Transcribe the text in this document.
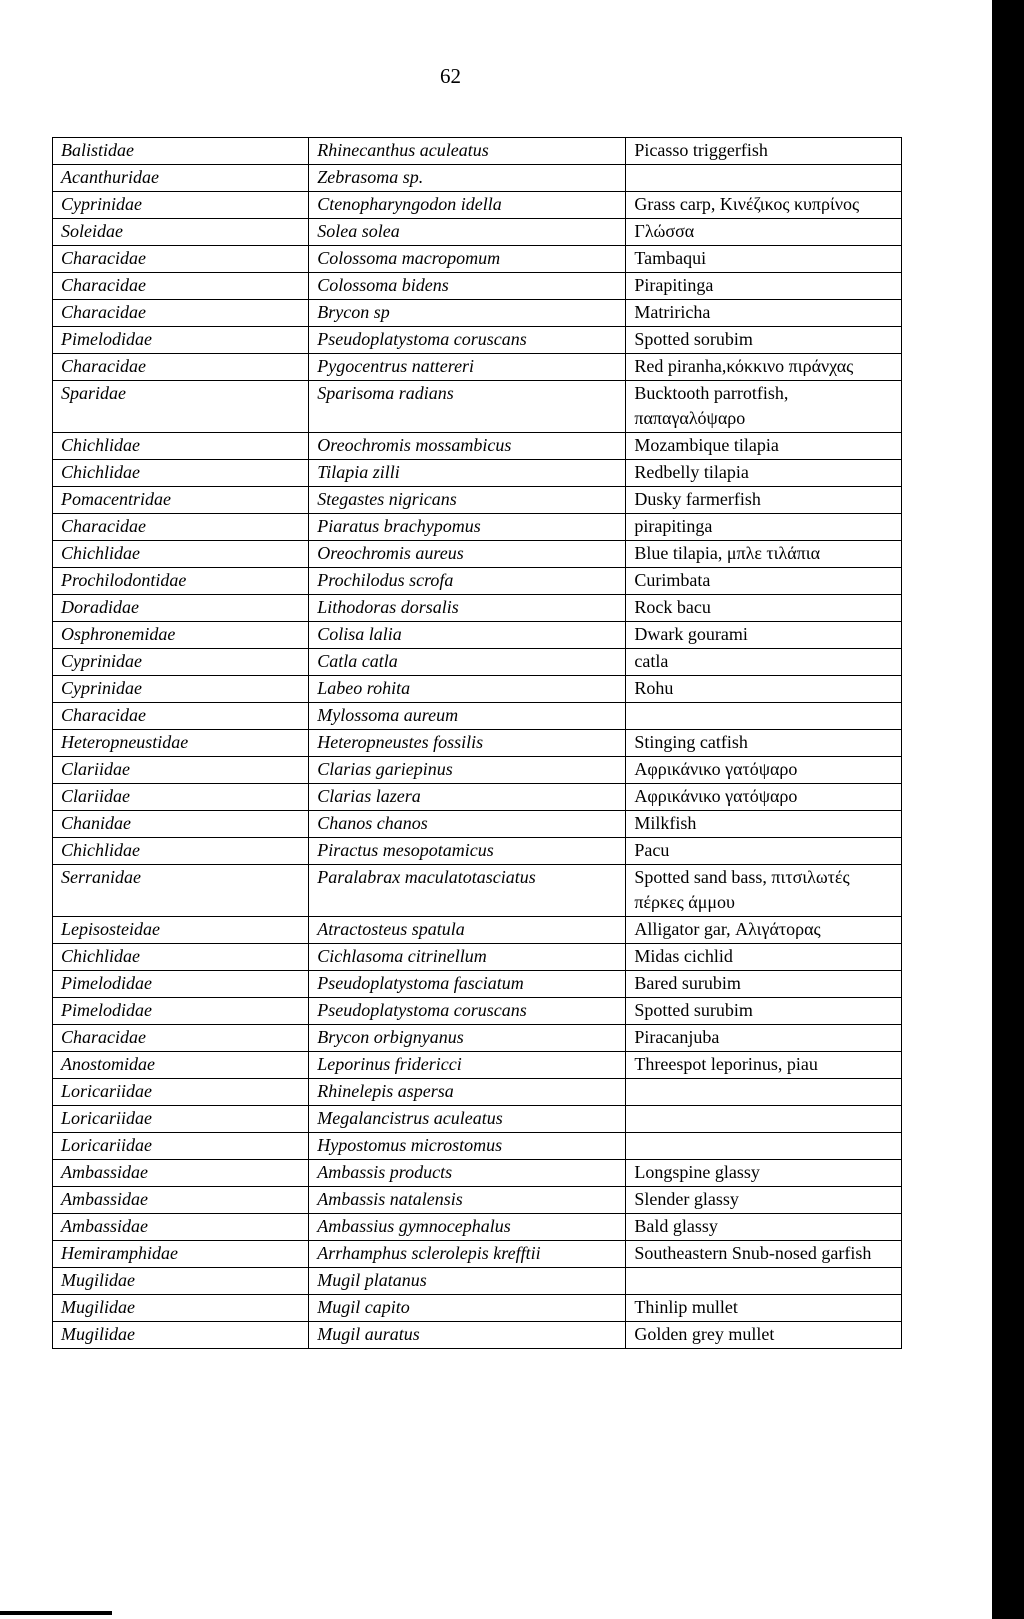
62
Balistidae	Rhinecanthus aculeatus	Picasso triggerfish
Acanthuridae	Zebrasoma sp.	
Cyprinidae	Ctenopharyngodon idella	Grass carp, Κινέζικος κυπρίνος
Soleidae	Solea solea	Γλώσσα
Characidae	Colossoma macropomum	Tambaqui
Characidae	Colossoma bidens	Pirapitinga
Characidae	Brycon sp	Matriricha
Pimelodidae	Pseudoplatystoma coruscans	Spotted sorubim
Characidae	Pygocentrus nattereri	Red piranha,κόκκινο πιράνχας
Sparidae	Sparisoma radians	Bucktooth parrotfish, παπαγαλόψαρο
Chichlidae	Oreochromis mossambicus	Mozambique tilapia
Chichlidae	Tilapia zilli	Redbelly tilapia
Pomacentridae	Stegastes nigricans	Dusky farmerfish
Characidae	Piaratus brachypomus	pirapitinga
Chichlidae	Oreochromis aureus	Blue tilapia, μπλε τιλάπια
Prochilodontidae	Prochilodus scrofa	Curimbata
Doradidae	Lithodoras dorsalis	Rock bacu
Osphronemidae	Colisa lalia	Dwark gourami
Cyprinidae	Catla catla	catla
Cyprinidae	Labeo rohita	Rohu
Characidae	Mylossoma aureum	
Heteropneustidae	Heteropneustes fossilis	Stinging catfish
Clariidae	Clarias gariepinus	Αφρικάνικο γατόψαρο
Clariidae	Clarias lazera	Αφρικάνικο γατόψαρο
Chanidae	Chanos chanos	Milkfish
Chichlidae	Piractus mesopotamicus	Pacu
Serranidae	Paralabrax maculatotasciatus	Spotted sand bass, πιτσιλωτές πέρκες άμμου
Lepisosteidae	Atractosteus spatula	Alligator gar, Αλιγάτορας
Chichlidae	Cichlasoma citrinellum	Midas cichlid
Pimelodidae	Pseudoplatystoma fasciatum	Bared surubim
Pimelodidae	Pseudoplatystoma coruscans	Spotted surubim
Characidae	Brycon orbignyanus	Piracanjuba
Anostomidae	Leporinus fridericci	Threespot leporinus, piau
Loricariidae	Rhinelepis aspersa	
Loricariidae	Megalancistrus aculeatus	
Loricariidae	Hypostomus microstomus	
Ambassidae	Ambassis products	Longspine glassy
Ambassidae	Ambassis natalensis	Slender glassy
Ambassidae	Ambassius gymnocephalus	Bald glassy
Hemiramphidae	Arrhamphus sclerolepis krefftii	Southeastern Snub-nosed garfish
Mugilidae	Mugil platanus	
Mugilidae	Mugil capito	Thinlip mullet
Mugilidae	Mugil auratus	Golden grey mullet
